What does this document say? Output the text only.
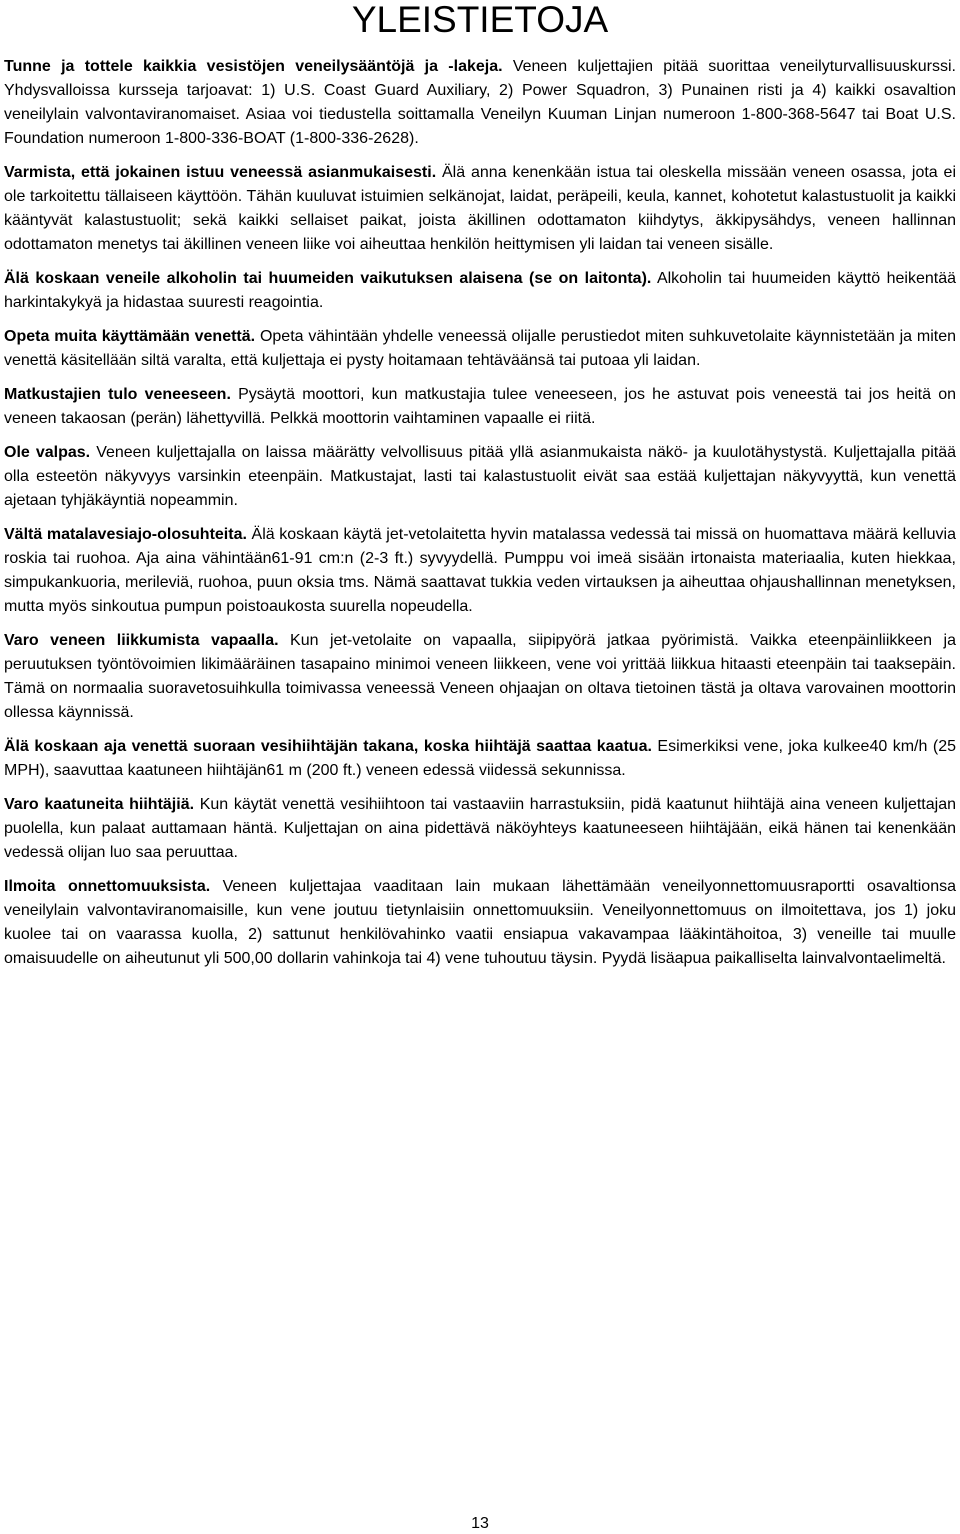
YLEISTIETOJA

Tunne ja tottele kaikkia vesistöjen veneilysääntöjä ja -lakeja. Veneen kuljettajien pitää suorittaa veneilyturvallisuuskurssi. Yhdysvalloissa kursseja tarjoavat: 1) U.S. Coast Guard Auxiliary, 2) Power Squadron, 3) Punainen risti ja 4) kaikki osavaltion veneilylain valvontaviranomaiset. Asiaa voi tiedustella soittamalla Veneilyn Kuuman Linjan numeroon 1-800-368-5647 tai Boat U.S. Foundation numeroon 1-800-336-BOAT (1-800-336-2628).

Varmista, että jokainen istuu veneessä asianmukaisesti. Älä anna kenenkään istua tai oleskella missään veneen osassa, jota ei ole tarkoitettu tällaiseen käyttöön. Tähän kuuluvat istuimien selkänojat, laidat, peräpeili, keula, kannet, kohotetut kalastustuolit ja kaikki kääntyvät kalastustuolit; sekä kaikki sellaiset paikat, joista äkillinen odottamaton kiihdytys, äkkipysähdys, veneen hallinnan odottamaton menetys tai äkillinen veneen liike voi aiheuttaa henkilön heittymisen yli laidan tai veneen sisälle.

Älä koskaan veneile alkoholin tai huumeiden vaikutuksen alaisena (se on laitonta). Alkoholin tai huumeiden käyttö heikentää harkintakykyä ja hidastaa suuresti reagointia.

Opeta muita käyttämään venettä. Opeta vähintään yhdelle veneessä olijalle perustiedot miten suhkuvetolaite käynnistetään ja miten venettä käsitellään siltä varalta, että kuljettaja ei pysty hoitamaan tehtäväänsä tai putoaa yli laidan.

Matkustajien tulo veneeseen. Pysäytä moottori, kun matkustajia tulee veneeseen, jos he astuvat pois veneestä tai jos heitä on veneen takaosan (perän) lähettyvillä. Pelkkä moottorin vaihtaminen vapaalle ei riitä.

Ole valpas. Veneen kuljettajalla on laissa määrätty velvollisuus pitää yllä asianmukaista näkö- ja kuulotähystystä. Kuljettajalla pitää olla esteetön näkyvyys varsinkin eteenpäin. Matkustajat, lasti tai kalastustuolit eivät saa estää kuljettajan näkyvyyttä, kun venettä ajetaan tyhjäkäyntiä nopeammin.

Vältä matalavesiajo-olosuhteita. Älä koskaan käytä jet-vetolaitetta hyvin matalassa vedessä tai missä on huomattava määrä kelluvia roskia tai ruohoa. Aja aina vähintään61-91 cm:n (2-3 ft.) syvyydellä. Pumppu voi imeä sisään irtonaista materiaalia, kuten hiekkaa, simpukankuoria, merileviä, ruohoa, puun oksia tms. Nämä saattavat tukkia veden virtauksen ja aiheuttaa ohjaushallinnan menetyksen, mutta myös sinkoutua pumpun poistoaukosta suurella nopeudella.

Varo veneen liikkumista vapaalla. Kun jet-vetolaite on vapaalla, siipipyörä jatkaa pyörimistä. Vaikka eteenpäinliikkeen ja peruutuksen työntövoimien likimääräinen tasapaino minimoi veneen liikkeen, vene voi yrittää liikkua hitaasti eteenpäin tai taaksepäin. Tämä on normaalia suoravetosuihkulla toimivassa veneessä Veneen ohjaajan on oltava tietoinen tästä ja oltava varovainen moottorin ollessa käynnissä.

Älä koskaan aja venettä suoraan vesihiihtäjän takana, koska hiihtäjä saattaa kaatua. Esimerkiksi vene, joka kulkee40 km/h (25 MPH), saavuttaa kaatuneen hiihtäjän61 m (200 ft.) veneen edessä viidessä sekunnissa.

Varo kaatuneita hiihtäjiä. Kun käytät venettä vesihiihtoon tai vastaaviin harrastuksiin, pidä kaatunut hiihtäjä aina veneen kuljettajan puolella, kun palaat auttamaan häntä. Kuljettajan on aina pidettävä näköyhteys kaatuneeseen hiihtäjään, eikä hänen tai kenenkään vedessä olijan luo saa peruuttaa.

Ilmoita onnettomuuksista. Veneen kuljettajaa vaaditaan lain mukaan lähettämään veneilyonnettomuusraportti osavaltionsa veneilylain valvontaviranomaisille, kun vene joutuu tietynlaisiin onnettomuuksiin. Veneilyonnettomuus on ilmoitettava, jos 1) joku kuolee tai on vaarassa kuolla, 2) sattunut henkilövahinko vaatii ensiapua vakavampaa lääkintähoitoa, 3) veneille tai muulle omaisuudelle on aiheutunut yli 500,00 dollarin vahinkoja tai 4) vene tuhoutuu täysin. Pyydä lisäapua paikalliselta lainvalvontaelimeltä.

13
